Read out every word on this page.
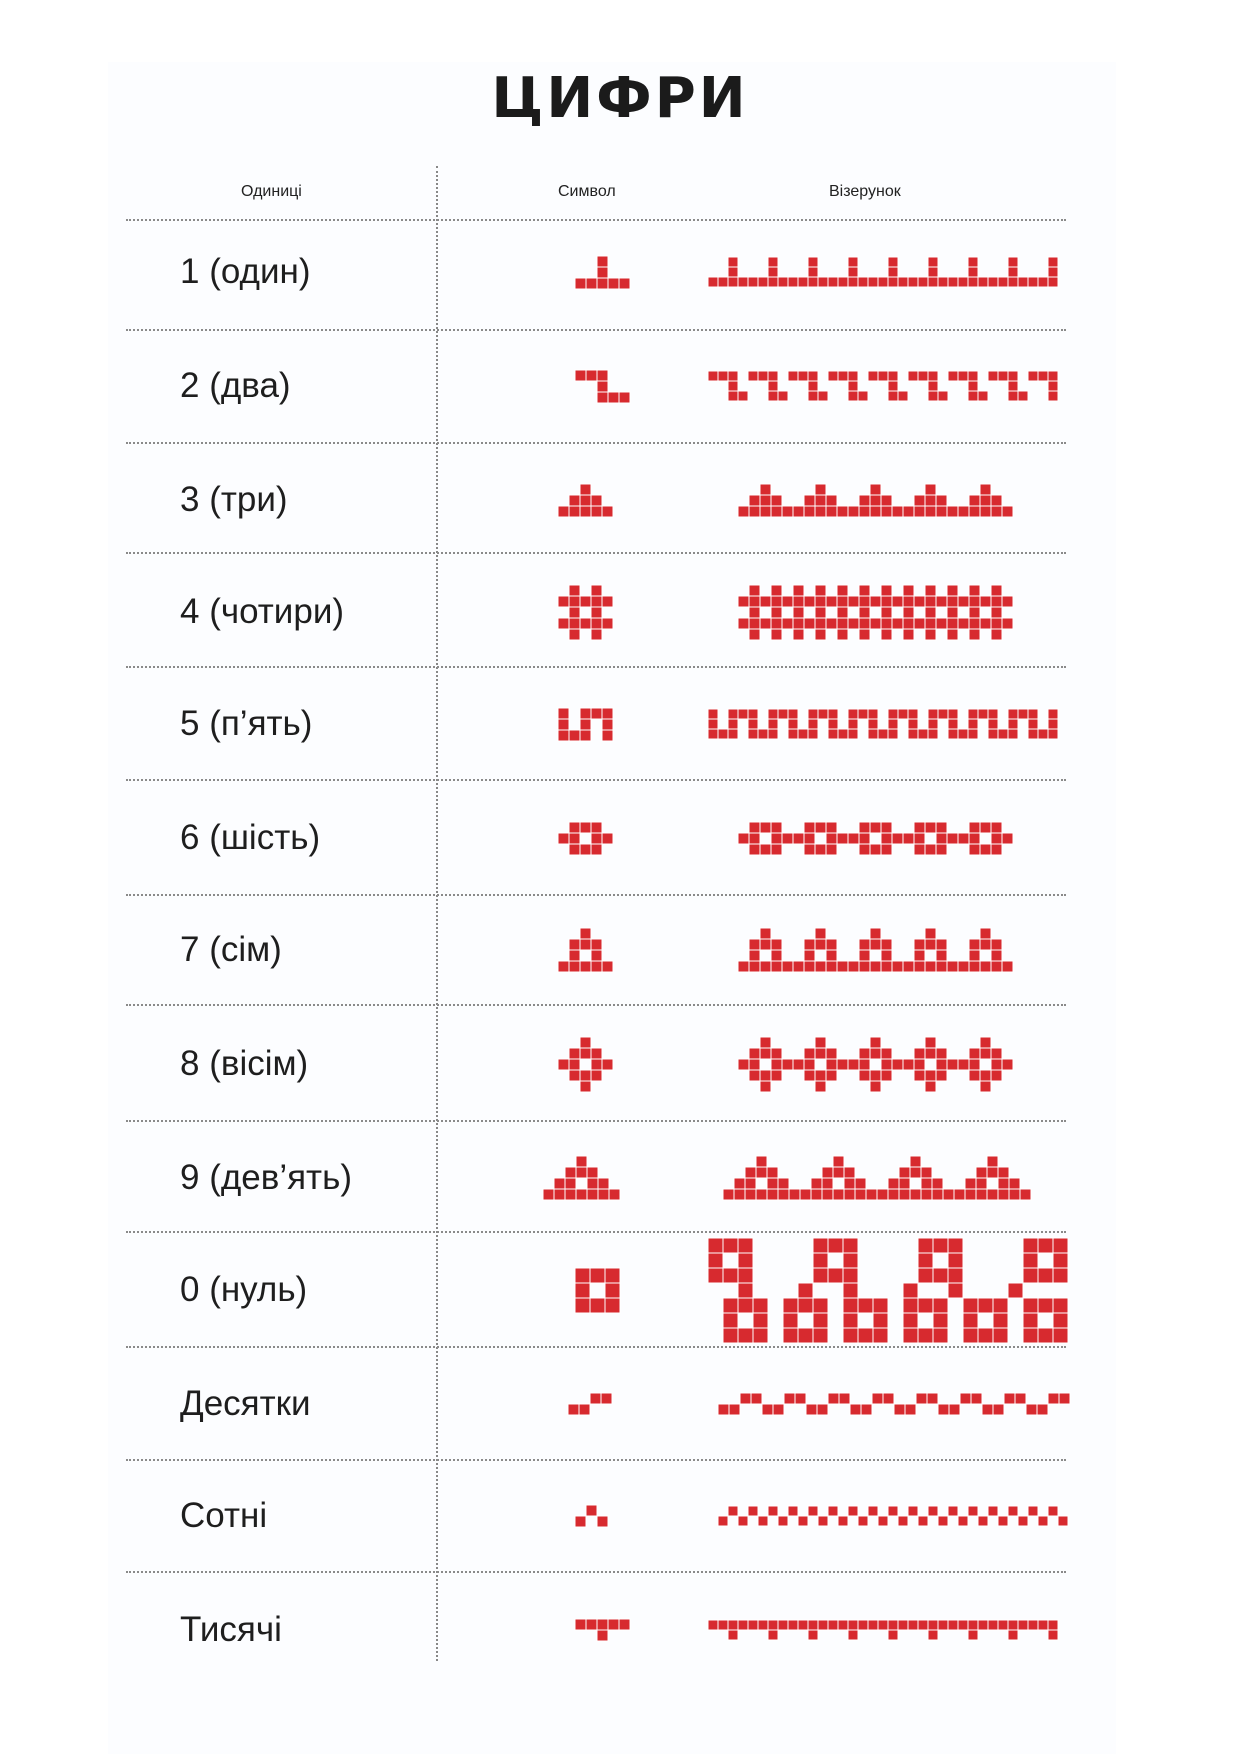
ЦИФРИ
Одиниці	Символ	Візерунок
1 (один)
2 (два)
3 (три)
4 (чотири)
5 (п’ять)
6 (шість)
7 (сім)
8 (вісім)
9 (дев’ять)
0 (нуль)
Десятки
Сотні
Тисячі
